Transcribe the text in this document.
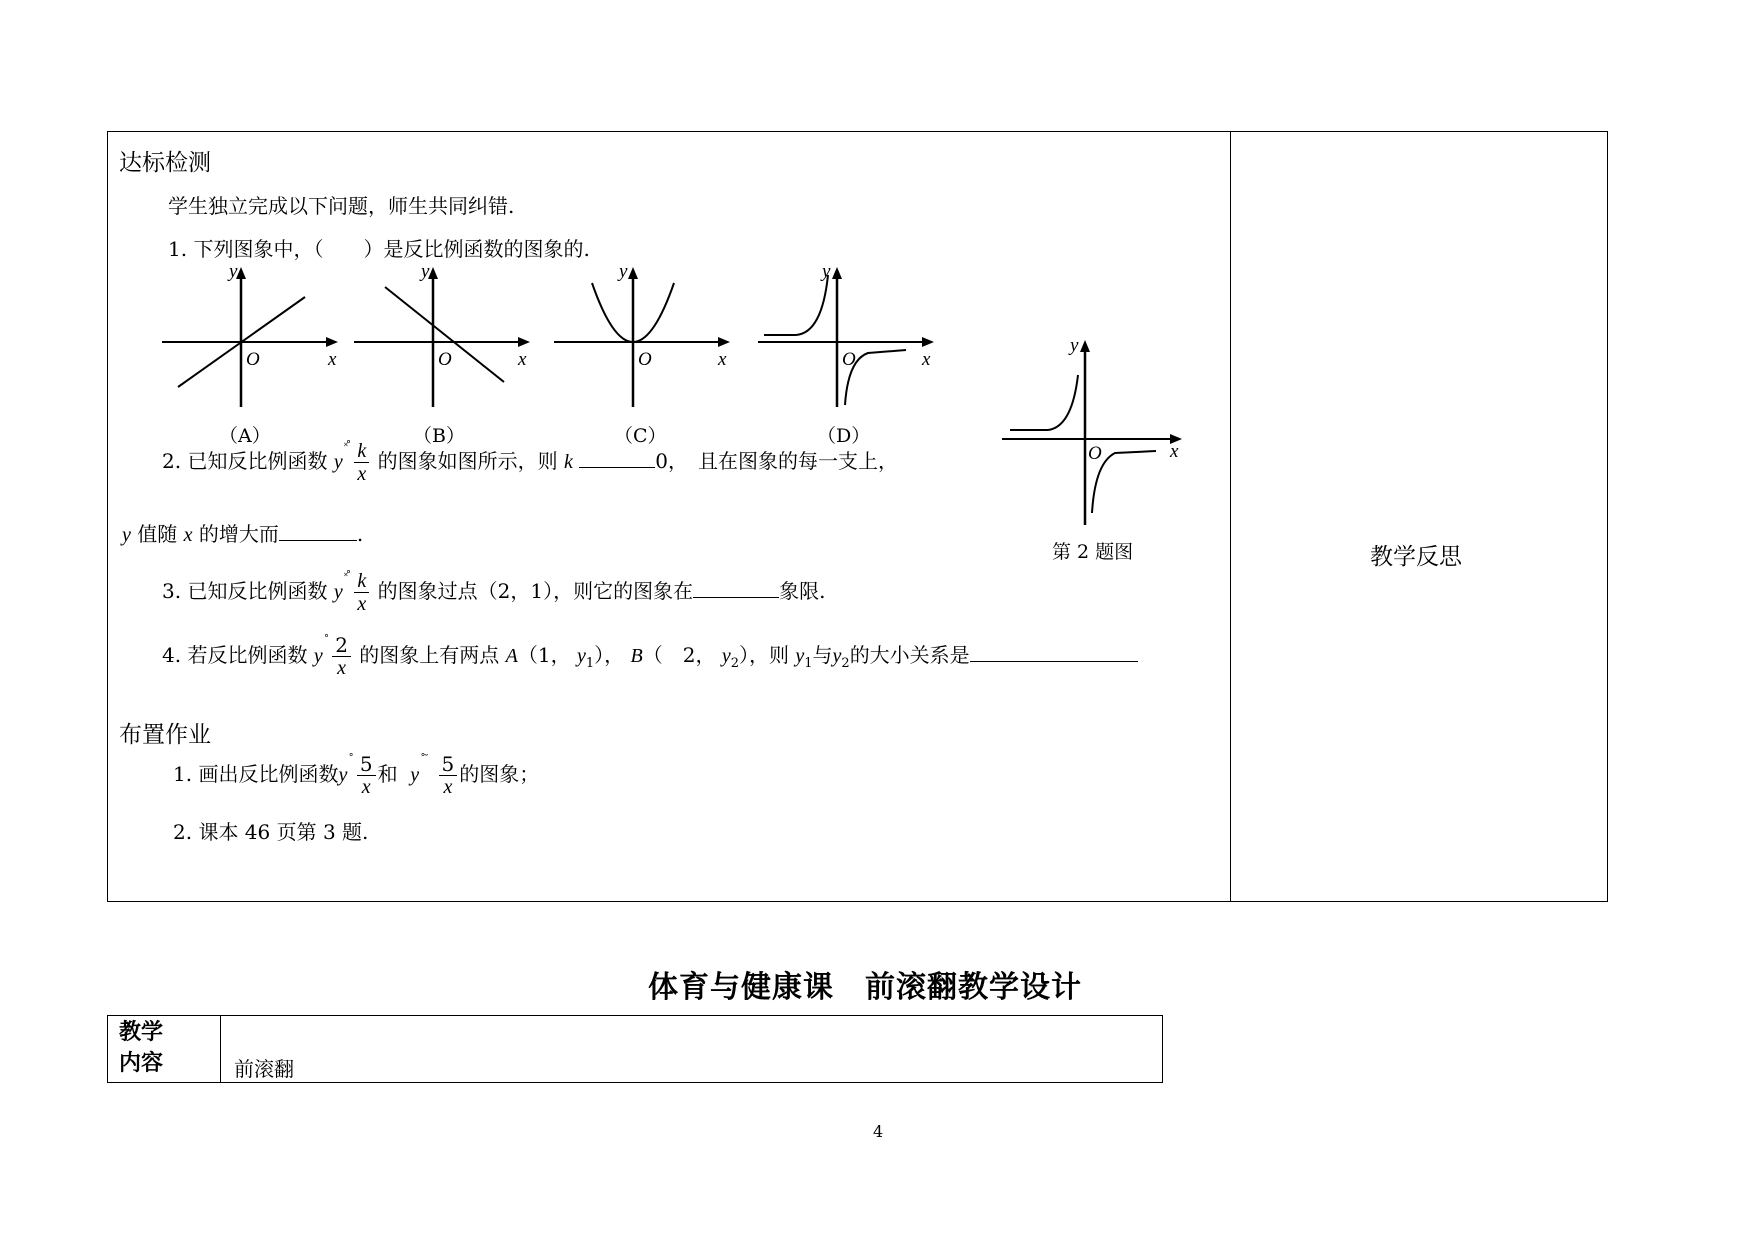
教学反思
达标检测
学生独立完成以下问题，师生共同纠错.
1. 下列图象中，（　　）是反比例函数的图象的.
y
O	x
（A）
y
O	x
（B）
y
O	x
（C）
y
O	x
（D）
y
O	x
第 2 题图
2. 已知反比例函数 $y^{˟ ̊} \frac{k}{x}$ 的图象如图所示，则 k	0，　且在图象的每一支上，
y 值随 x 的增大而	.
3. 已知反比例函数 $y^{˟ ̊} \frac{k}{x}$ 的图象过点（2，1），则它的图象在	象限.
4. 若反比例函数 $y^˚ \frac{2}{x}$ 的图象上有两点 A（1， $y_1$）， B（　2， $y_2$），则 $y_1$与$y_2$的大小关系是
布置作业
1. 画出反比例函数$y^˚ \frac{5}{x}$ 和 $y^{˚ ̆} \frac{5}{x}$ 的图象；
2. 课本 46 页第 3 题.
体育与健康课　前滚翻教学设计
教学
内容	前滚翻
4
